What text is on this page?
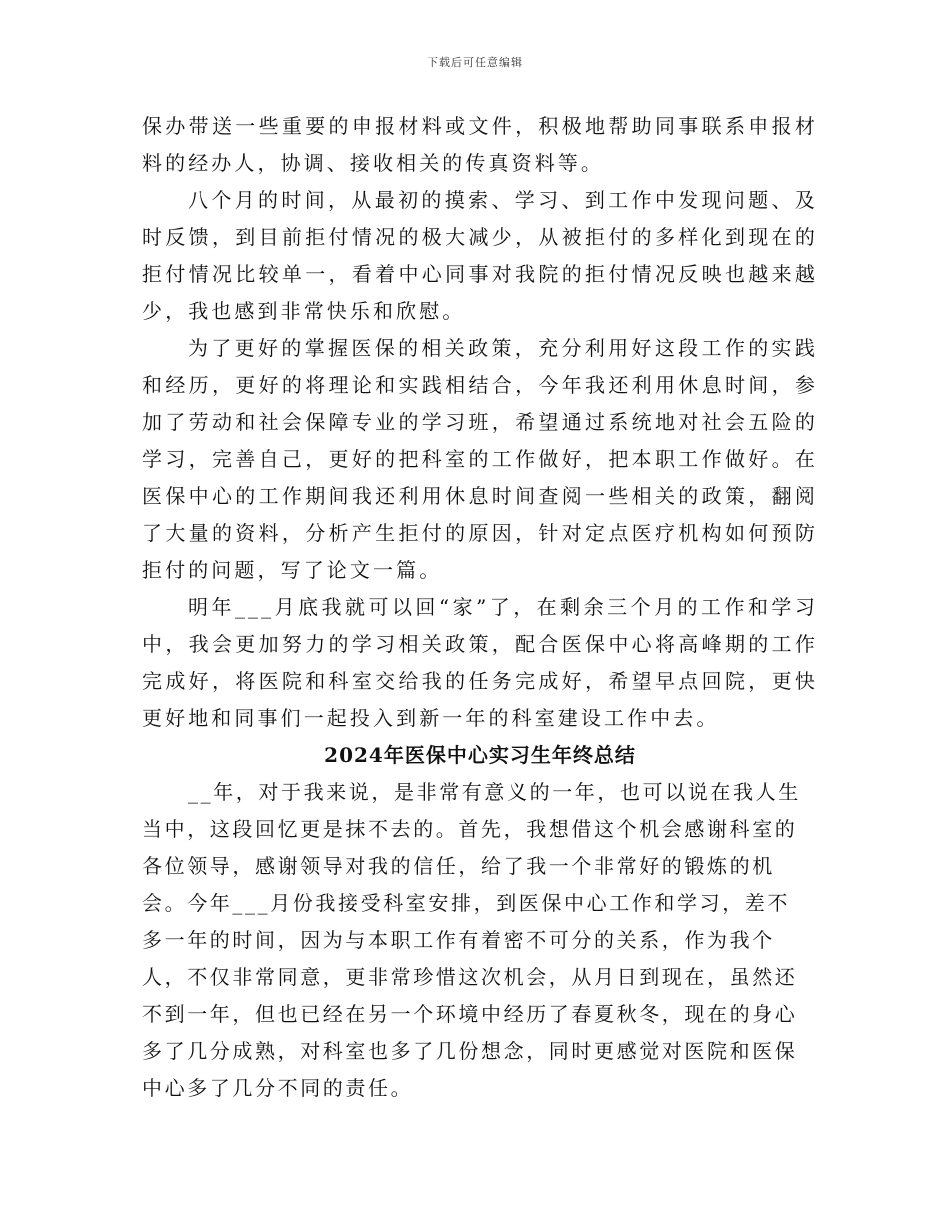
下载后可任意编辑

保办带送一些重要的申报材料或文件，积极地帮助同事联系申报材料的经办人，协调、接收相关的传真资料等。

八个月的时间，从最初的摸索、学习、到工作中发现问题、及时反馈，到目前拒付情况的极大减少，从被拒付的多样化到现在的拒付情况比较单一，看着中心同事对我院的拒付情况反映也越来越少，我也感到非常快乐和欣慰。

为了更好的掌握医保的相关政策，充分利用好这段工作的实践和经历，更好的将理论和实践相结合，今年我还利用休息时间，参加了劳动和社会保障专业的学习班，希望通过系统地对社会五险的学习，完善自己，更好的把科室的工作做好，把本职工作做好。在医保中心的工作期间我还利用休息时间查阅一些相关的政策，翻阅了大量的资料，分析产生拒付的原因，针对定点医疗机构如何预防拒付的问题，写了论文一篇。

明年___月底我就可以回“家”了，在剩余三个月的工作和学习中，我会更加努力的学习相关政策，配合医保中心将高峰期的工作完成好，将医院和科室交给我的任务完成好，希望早点回院，更快更好地和同事们一起投入到新一年的科室建设工作中去。

2024年医保中心实习生年终总结

__年，对于我来说，是非常有意义的一年，也可以说在我人生当中，这段回忆更是抹不去的。首先，我想借这个机会感谢科室的各位领导，感谢领导对我的信任，给了我一个非常好的锻炼的机会。今年___月份我接受科室安排，到医保中心工作和学习，差不多一年的时间，因为与本职工作有着密不可分的关系，作为我个人，不仅非常同意，更非常珍惜这次机会，从月日到现在，虽然还不到一年，但也已经在另一个环境中经历了春夏秋冬，现在的身心多了几分成熟，对科室也多了几份想念，同时更感觉对医院和医保中心多了几分不同的责任。
